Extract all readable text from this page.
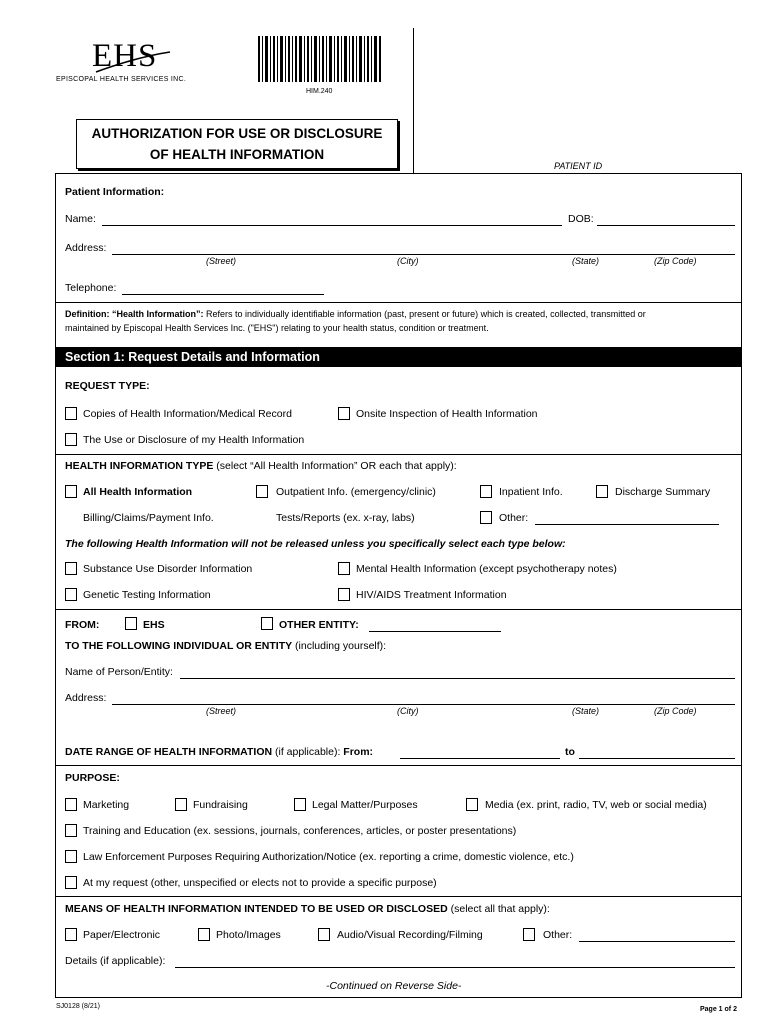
EHS
EPISCOPAL HEALTH SERVICES INC.
HIM.240
AUTHORIZATION FOR USE OR DISCLOSURE
OF HEALTH INFORMATION
PATIENT ID
Patient Information:
Name:	DOB:
Address:
(Street)	(City)	(State)	(Zip Code)
Telephone:
Definition: “Health Information”: Refers to individually identifiable information (past, present or future) which is created, collected, transmitted or
maintained by Episcopal Health Services Inc. ("EHS") relating to your health status, condition or treatment.
Section 1: Request Details and Information
REQUEST TYPE:
Copies of Health Information/Medical Record	Onsite Inspection of Health Information
The Use or Disclosure of my Health Information
HEALTH INFORMATION TYPE (select “All Health Information” OR each that apply):
All Health Information	Outpatient Info. (emergency/clinic)	Inpatient Info.	Discharge Summary
Billing/Claims/Payment Info.	Tests/Reports (ex. x-ray, labs)	Other:
The following Health Information will not be released unless you specifically select each type below:
Substance Use Disorder Information	Mental Health Information (except psychotherapy notes)
Genetic Testing Information	HIV/AIDS Treatment Information
FROM:	EHS	OTHER ENTITY:
TO THE FOLLOWING INDIVIDUAL OR ENTITY (including yourself):
Name of Person/Entity:
Address:
(Street)	(City)	(State)	(Zip Code)
DATE RANGE OF HEALTH INFORMATION (if applicable): From:	to
PURPOSE:
Marketing	Fundraising	Legal Matter/Purposes	Media (ex. print, radio, TV, web or social media)
Training and Education (ex. sessions, journals, conferences, articles, or poster presentations)
Law Enforcement Purposes Requiring Authorization/Notice (ex. reporting a crime, domestic violence, etc.)
At my request (other, unspecified or elects not to provide a specific purpose)
MEANS OF HEALTH INFORMATION INTENDED TO BE USED OR DISCLOSED (select all that apply):
Paper/Electronic	Photo/Images	Audio/Visual Recording/Filming	Other:
Details (if applicable):
-Continued on Reverse Side-
SJ0128 (8/21)	Page 1 of 2
